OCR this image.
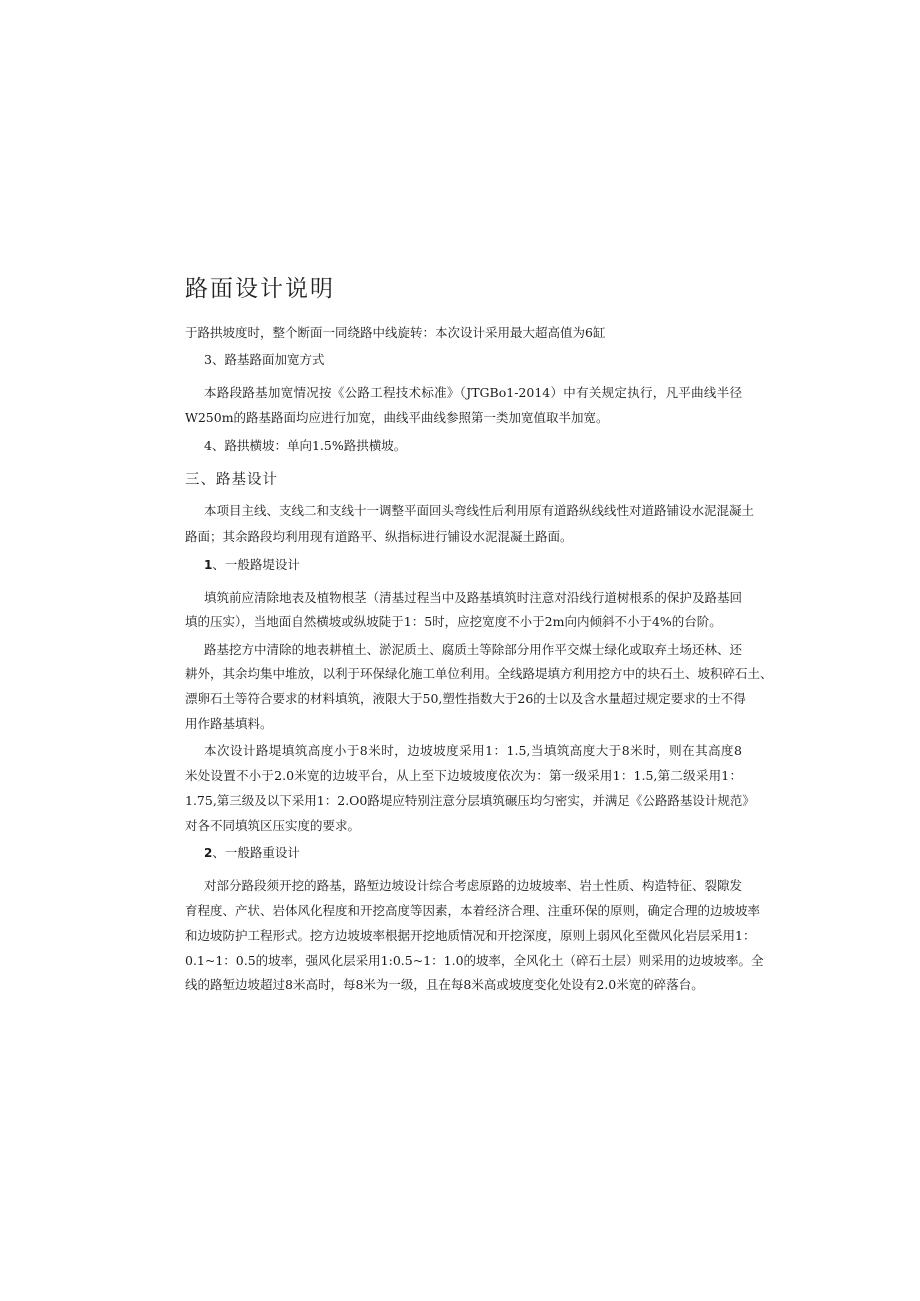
路面设计说明
于路拱坡度时，整个断面一同绕路中线旋转：本次设计采用最大超高值为6缸
3、路基路面加宽方式
本路段路基加宽情况按《公路工程技术标准》（JTGBo1-2014）中有关规定执行，凡平曲线半径
W250m的路基路面均应进行加宽，曲线平曲线参照第一类加宽值取半加宽。
4、路拱横坡：单向1.5%路拱横坡。
三、路基设计
本项目主线、支线二和支线十一调整平面回头弯线性后利用原有道路纵线线性对道路铺设水泥混凝土
路面；其余路段均利用现有道路平、纵指标进行铺设水泥混凝土路面。
1、一般路堤设计
填筑前应清除地表及植物根茎（清基过程当中及路基填筑时注意对沿线行道树根系的保护及路基回
填的压实），当地面自然横坡或纵坡陡于1：5时，应挖宽度不小于2m向内倾斜不小于4%的台阶。
路基挖方中清除的地表耕植土、淤泥质土、腐质土等除部分用作平交煤士绿化或取弃土场还林、还
耕外，其余均集中堆放，以利于环保绿化施工单位利用。全线路堤填方利用挖方中的块石土、坡积碎石土、
漂卵石土等符合要求的材料填筑，液限大于50,塑性指数大于26的士以及含水量超过规定要求的士不得
用作路基填料。
本次设计路堤填筑高度小于8米时，边坡坡度采用1：1.5,当填筑高度大于8米时，则在其高度8
米处设置不小于2.0米宽的边坡平台，从上至下边坡坡度依次为：第一级采用1：1.5,第二级采用1：
1.75,第三级及以下采用1：2.O0路堤应特别注意分层填筑碾压均匀密实，并满足《公路路基设计规范》
对各不同填筑区压实度的要求。
2、一般路重设计
对部分路段须开挖的路基，路堑边坡设计综合考虑原路的边坡坡率、岩土性质、构造特征、裂隙发
育程度、产状、岩体风化程度和开挖高度等因素，本着经济合理、注重环保的原则，确定合理的边坡坡率
和边坡防护工程形式。挖方边坡坡率根据开挖地质情况和开挖深度，原则上弱风化至微风化岩层采用1：
0.1~1：0.5的坡率，强风化层采用1:0.5~1：1.0的坡率，全风化土（碎石土层）则采用的边坡坡率。全
线的路堑边坡超过8米高时，每8米为一级，且在每8米高或坡度变化处设有2.0米宽的碎落台。
